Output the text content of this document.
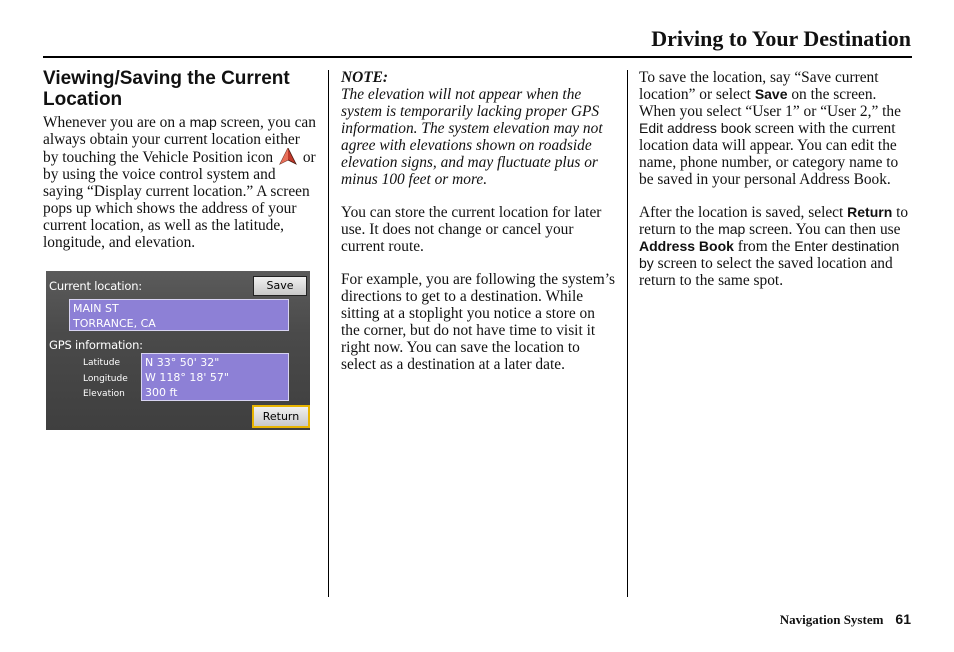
Driving to Your Destination
Viewing/Saving the Current Location

Whenever you are on a map screen, you can always obtain your current location either by touching the Vehicle Position icon  or by using the voice control system and saying “Display current location.” A screen pops up which shows the address of your current location, as well as the latitude, longitude, and elevation.

Current location:	Save
MAIN ST
TORRANCE, CA
GPS information:
Latitude
Longitude
Elevation
N 33° 50' 32"
W 118° 18' 57"
300 ft
Return

NOTE:

The elevation will not appear when the system is temporarily lacking proper GPS information. The system elevation may not agree with elevations shown on roadside elevation signs, and may fluctuate plus or minus 100 feet or more.

You can store the current location for later use. It does not change or cancel your current route.

For example, you are following the system’s directions to get to a destination. While sitting at a stoplight you notice a store on the corner, but do not have time to visit it right now. You can save the location to select as a destination at a later date.

To save the location, say “Save current location” or select Save on the screen. When you select “User 1” or “User 2,” the Edit address book screen with the current location data will appear. You can edit the name, phone number, or category name to be saved in your personal Address Book.

After the location is saved, select Return to return to the map screen. You can then use Address Book from the Enter destination by screen to select the saved location and return to the same spot.

Navigation System 61
